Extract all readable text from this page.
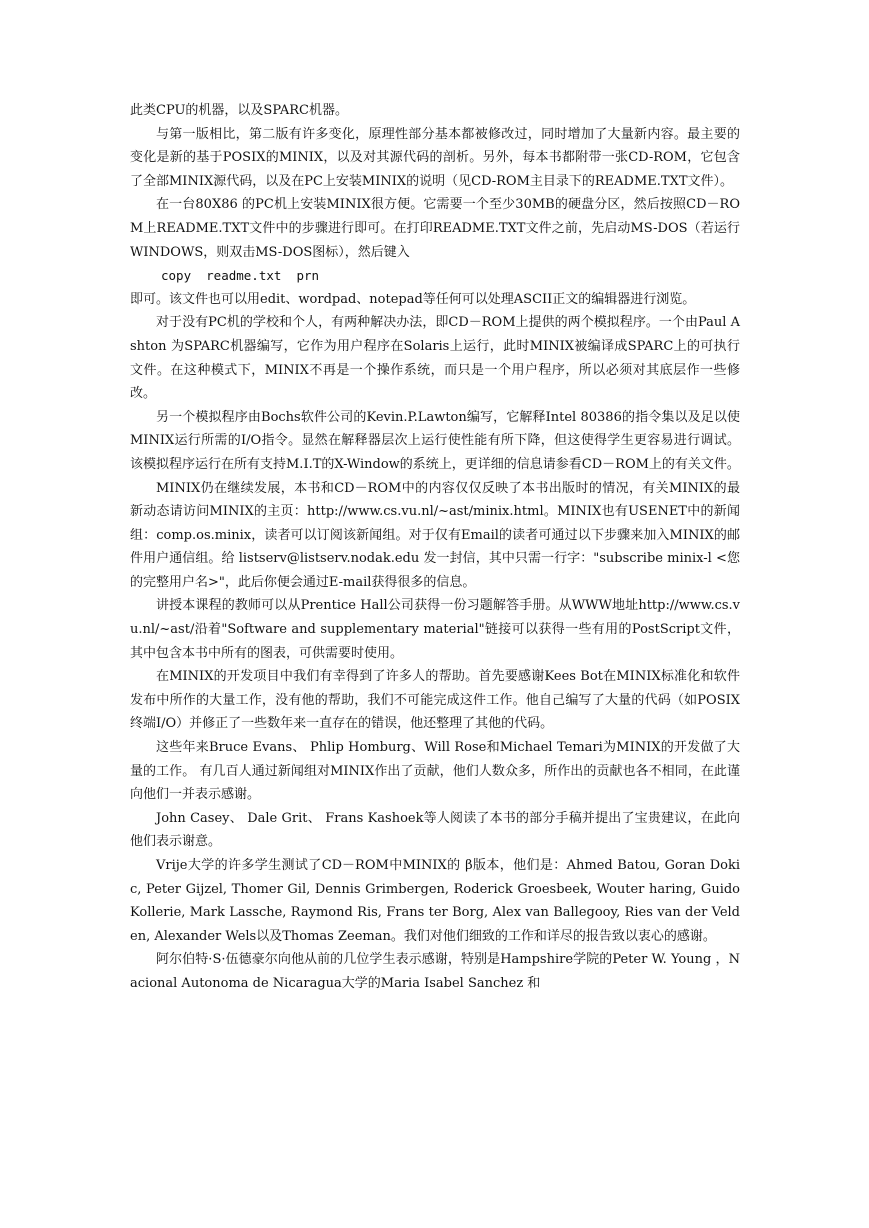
此类CPU的机器，以及SPARC机器。

与第一版相比，第二版有许多变化，原理性部分基本都被修改过，同时增加了大量新内容。最主要的变化是新的基于POSIX的MINIX，以及对其源代码的剖析。另外，每本书都附带一张CD-ROM，它包含了全部MINIX源代码，以及在PC上安装MINIX的说明（见CD-ROM主目录下的README.TXT文件）。

在一台80X86 的PC机上安装MINIX很方便。它需要一个至少30MB的硬盘分区，然后按照CD－ROM上README.TXT文件中的步骤进行即可。在打印README.TXT文件之前，先启动MS-DOS（若运行WINDOWS，则双击MS-DOS图标），然后键入

copy  readme.txt  prn

即可。该文件也可以用edit、wordpad、notepad等任何可以处理ASCII正文的编辑器进行浏览。

对于没有PC机的学校和个人，有两种解决办法，即CD－ROM上提供的两个模拟程序。一个由Paul Ashton 为SPARC机器编写，它作为用户程序在Solaris上运行，此时MINIX被编译成SPARC上的可执行文件。在这种模式下，MINIX不再是一个操作系统，而只是一个用户程序，所以必须对其底层作一些修改。

另一个模拟程序由Bochs软件公司的Kevin.P.Lawton编写，它解释Intel 80386的指令集以及足以使MINIX运行所需的I/O指令。显然在解释器层次上运行使性能有所下降，但这使得学生更容易进行调试。该模拟程序运行在所有支持M.I.T的X-Window的系统上，更详细的信息请参看CD－ROM上的有关文件。

MINIX仍在继续发展，本书和CD－ROM中的内容仅仅反映了本书出版时的情况，有关MINIX的最新动态请访问MINIX的主页：http://www.cs.vu.nl/~ast/minix.html。MINIX也有USENET中的新闻组：comp.os.minix，读者可以订阅该新闻组。对于仅有Email的读者可通过以下步骤来加入MINIX的邮件用户通信组。给 listserv@listserv.nodak.edu 发一封信，其中只需一行字："subscribe minix-l <您的完整用户名>"，此后你便会通过E-mail获得很多的信息。

讲授本课程的教师可以从Prentice Hall公司获得一份习题解答手册。从WWW地址http://www.cs.vu.nl/~ast/沿着"Software and supplementary material"链接可以获得一些有用的PostScript文件，其中包含本书中所有的图表，可供需要时使用。

在MINIX的开发项目中我们有幸得到了许多人的帮助。首先要感谢Kees Bot在MINIX标准化和软件发布中所作的大量工作，没有他的帮助，我们不可能完成这件工作。他自己编写了大量的代码（如POSIX终端I/O）并修正了一些数年来一直存在的错误，他还整理了其他的代码。

这些年来Bruce Evans、 Phlip Homburg、Will Rose和Michael Temari为MINIX的开发做了大量的工作。 有几百人通过新闻组对MINIX作出了贡献，他们人数众多，所作出的贡献也各不相同，在此谨向他们一并表示感谢。

John Casey、 Dale Grit、 Frans Kashoek等人阅读了本书的部分手稿并提出了宝贵建议，在此向他们表示谢意。

Vrije大学的许多学生测试了CD－ROM中MINIX的 β版本，他们是：Ahmed Batou, Goran Dokic, Peter Gijzel, Thomer Gil, Dennis Grimbergen, Roderick Groesbeek, Wouter haring, Guido Kollerie, Mark Lassche, Raymond Ris, Frans ter Borg, Alex van Ballegooy, Ries van der Velden, Alexander Wels以及Thomas Zeeman。我们对他们细致的工作和详尽的报告致以衷心的感谢。

阿尔伯特·S·伍德豪尔向他从前的几位学生表示感谢，特别是Hampshire学院的Peter W. Young ，Nacional Autonoma de Nicaragua大学的Maria Isabel Sanchez 和
